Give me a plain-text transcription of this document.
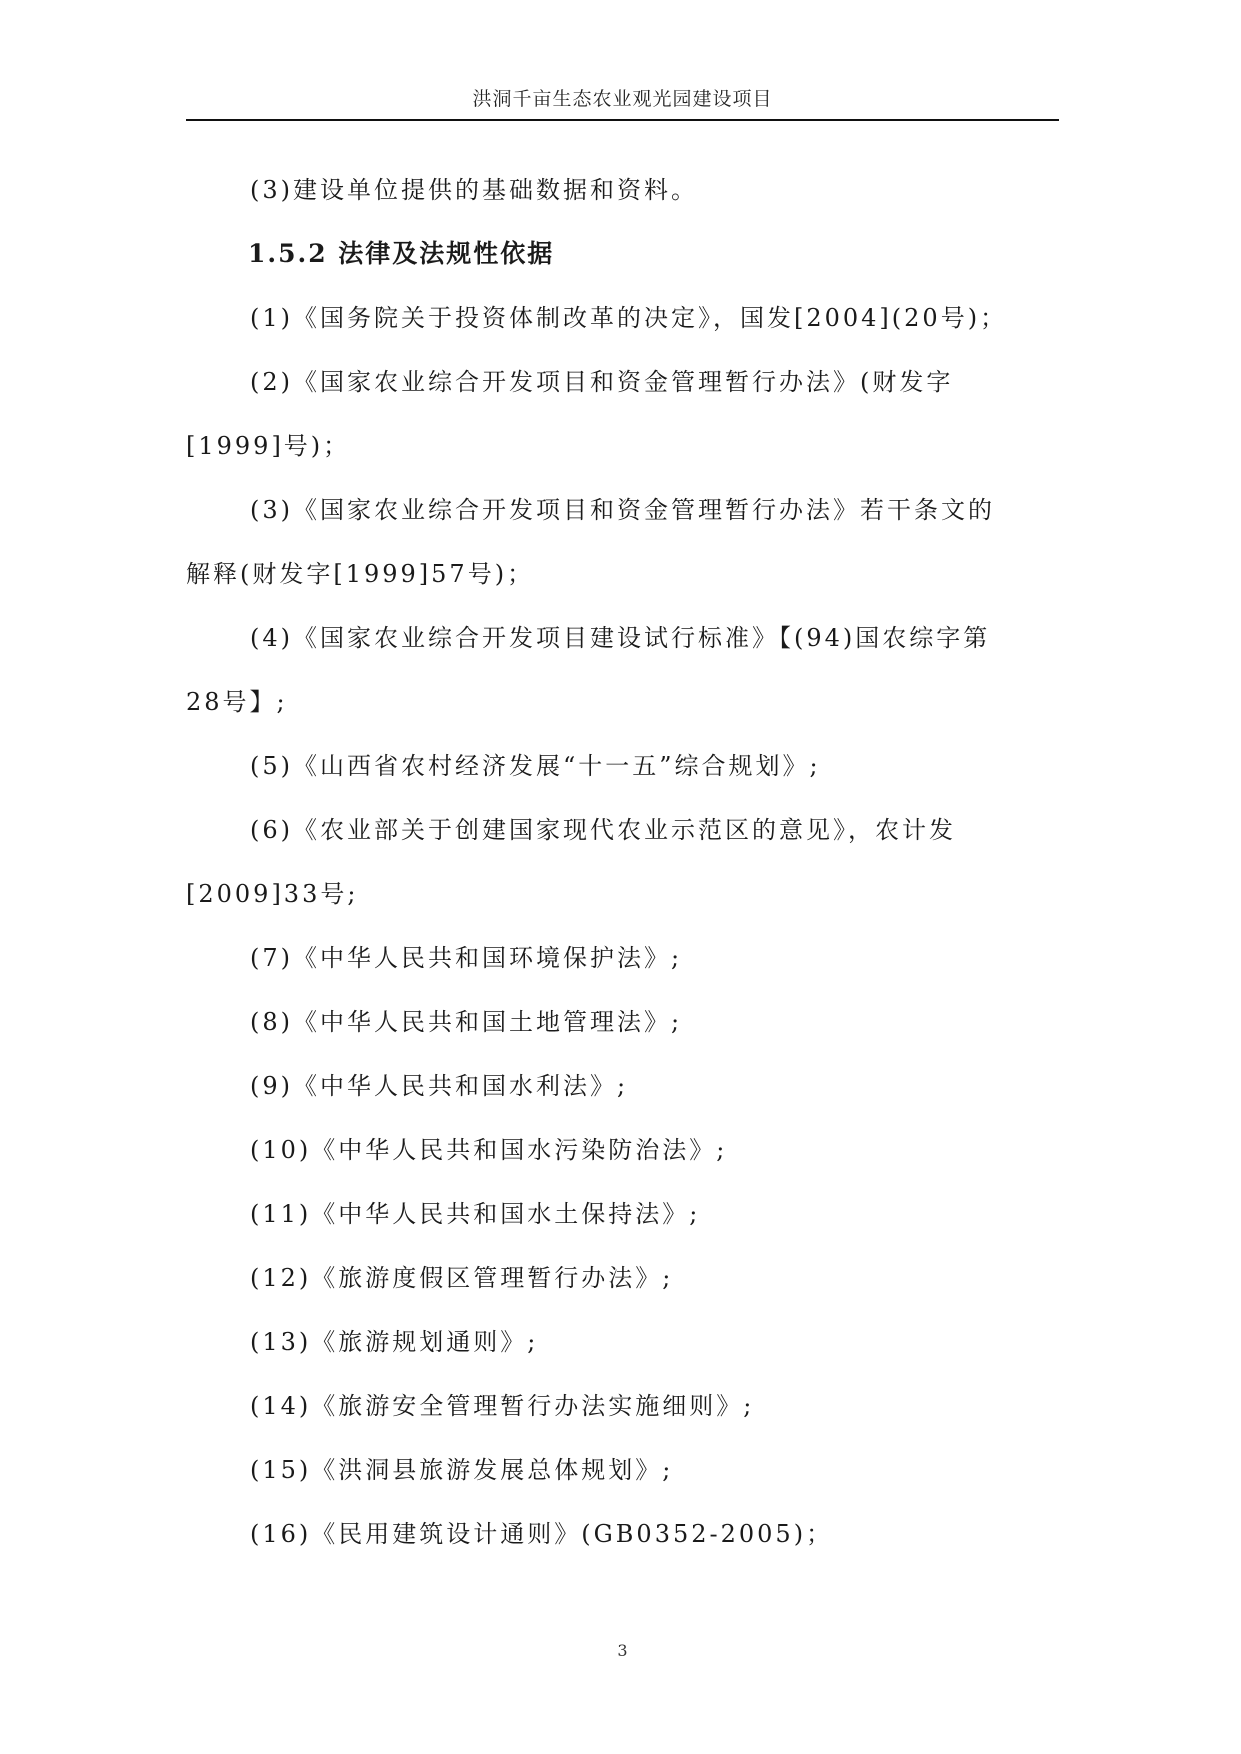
洪洞千亩生态农业观光园建设项目

(3)建设单位提供的基础数据和资料。

1.5.2 法律及法规性依据

(1)《国务院关于投资体制改革的决定》，国发[2004](20号)；

(2)《国家农业综合开发项目和资金管理暂行办法》(财发字

[1999]号)；

(3)《国家农业综合开发项目和资金管理暂行办法》若干条文的

解释(财发字[1999]57号)；

(4)《国家农业综合开发项目建设试行标准》【(94)国农综字第

28号】;

(5)《山西省农村经济发展“十一五”综合规划》;

(6)《农业部关于创建国家现代农业示范区的意见》，农计发

[2009]33号;

(7)《中华人民共和国环境保护法》;

(8)《中华人民共和国土地管理法》;

(9)《中华人民共和国水利法》;

(10)《中华人民共和国水污染防治法》;

(11)《中华人民共和国水土保持法》;

(12)《旅游度假区管理暂行办法》;

(13)《旅游规划通则》;

(14)《旅游安全管理暂行办法实施细则》;

(15)《洪洞县旅游发展总体规划》;

(16)《民用建筑设计通则》(GB0352-2005)；

3
